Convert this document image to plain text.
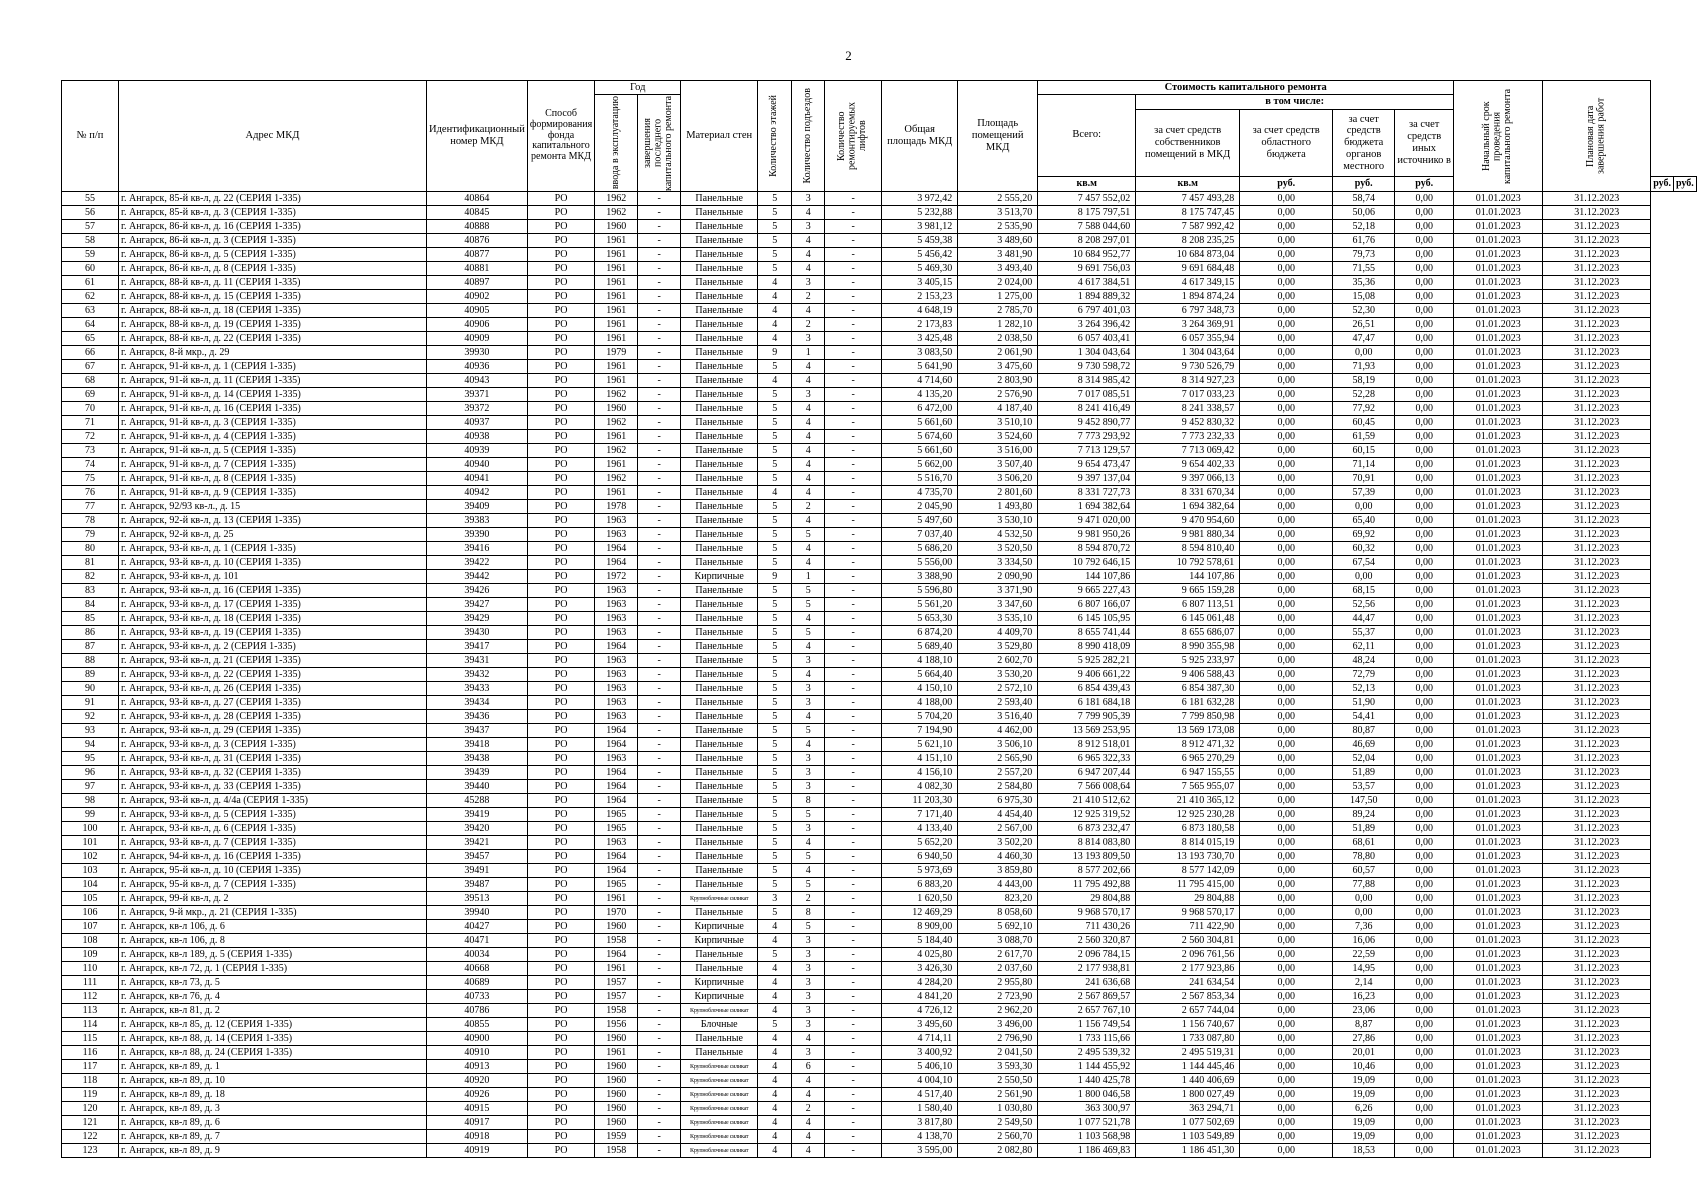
2
№ п/п	Адрес МКД	Идентификационный номер МКД	Способ формирования фонда капитального ремонта МКД	Год		Материал стен	Количество этажей	Количество подъездов	Количество ремонтируемых лифтов	Общая площадь МКД	Площадь помещений МКД	Стоимость капитального ремонта					Начальный срок проведения капитального ремонта	Плановая дата завершения работ		

				ввода в эксплуатацию	завершения последнего капитального ремонта							Всего:	в том числе:							
													за счет средств собственников помещений в МКД	за счет средств областного бюджета	за счет средств бюджета органов местного	за счет средств иных источнико в				
												кв.м	кв.м	руб.	руб.	руб.			руб.	руб.
55	г. Ангарск, 85-й кв-л, д. 22 (СЕРИЯ 1-335)	40864	РО	1962	-	Панельные	5	3	-	3 972,42	2 555,20	7 457 552,02	7 457 493,28	0,00	58,74	0,00	01.01.2023	31.12.2023		
56	г. Ангарск, 85-й кв-л, д. 3 (СЕРИЯ 1-335)	40845	РО	1962	-	Панельные	5	4	-	5 232,88	3 513,70	8 175 797,51	8 175 747,45	0,00	50,06	0,00	01.01.2023	31.12.2023		
57	г. Ангарск, 86-й кв-л, д. 16 (СЕРИЯ 1-335)	40888	РО	1960	-	Панельные	5	3	-	3 981,12	2 535,90	7 588 044,60	7 587 992,42	0,00	52,18	0,00	01.01.2023	31.12.2023		
58	г. Ангарск, 86-й кв-л, д. 3 (СЕРИЯ 1-335)	40876	РО	1961	-	Панельные	5	4	-	5 459,38	3 489,60	8 208 297,01	8 208 235,25	0,00	61,76	0,00	01.01.2023	31.12.2023		
59	г. Ангарск, 86-й кв-л, д. 5 (СЕРИЯ 1-335)	40877	РО	1961	-	Панельные	5	4	-	5 456,42	3 481,90	10 684 952,77	10 684 873,04	0,00	79,73	0,00	01.01.2023	31.12.2023		
60	г. Ангарск, 86-й кв-л, д. 8 (СЕРИЯ 1-335)	40881	РО	1961	-	Панельные	5	4	-	5 469,30	3 493,40	9 691 756,03	9 691 684,48	0,00	71,55	0,00	01.01.2023	31.12.2023		
61	г. Ангарск, 88-й кв-л, д. 11 (СЕРИЯ 1-335)	40897	РО	1961	-	Панельные	4	3	-	3 405,15	2 024,00	4 617 384,51	4 617 349,15	0,00	35,36	0,00	01.01.2023	31.12.2023		
62	г. Ангарск, 88-й кв-л, д. 15 (СЕРИЯ 1-335)	40902	РО	1961	-	Панельные	4	2	-	2 153,23	1 275,00	1 894 889,32	1 894 874,24	0,00	15,08	0,00	01.01.2023	31.12.2023		
63	г. Ангарск, 88-й кв-л, д. 18 (СЕРИЯ 1-335)	40905	РО	1961	-	Панельные	4	4	-	4 648,19	2 785,70	6 797 401,03	6 797 348,73	0,00	52,30	0,00	01.01.2023	31.12.2023		
64	г. Ангарск, 88-й кв-л, д. 19 (СЕРИЯ 1-335)	40906	РО	1961	-	Панельные	4	2	-	2 173,83	1 282,10	3 264 396,42	3 264 369,91	0,00	26,51	0,00	01.01.2023	31.12.2023		
65	г. Ангарск, 88-й кв-л, д. 22 (СЕРИЯ 1-335)	40909	РО	1961	-	Панельные	4	3	-	3 425,48	2 038,50	6 057 403,41	6 057 355,94	0,00	47,47	0,00	01.01.2023	31.12.2023		
66	г. Ангарск, 8-й мкр., д. 29	39930	РО	1979	-	Панельные	9	1	-	3 083,50	2 061,90	1 304 043,64	1 304 043,64	0,00	0,00	0,00	01.01.2023	31.12.2023		
67	г. Ангарск, 91-й кв-л, д. 1 (СЕРИЯ 1-335)	40936	РО	1961	-	Панельные	5	4	-	5 641,90	3 475,60	9 730 598,72	9 730 526,79	0,00	71,93	0,00	01.01.2023	31.12.2023		
68	г. Ангарск, 91-й кв-л, д. 11 (СЕРИЯ 1-335)	40943	РО	1961	-	Панельные	4	4	-	4 714,60	2 803,90	8 314 985,42	8 314 927,23	0,00	58,19	0,00	01.01.2023	31.12.2023		
69	г. Ангарск, 91-й кв-л, д. 14 (СЕРИЯ 1-335)	39371	РО	1962	-	Панельные	5	3	-	4 135,20	2 576,90	7 017 085,51	7 017 033,23	0,00	52,28	0,00	01.01.2023	31.12.2023		
70	г. Ангарск, 91-й кв-л, д. 16 (СЕРИЯ 1-335)	39372	РО	1960	-	Панельные	5	4	-	6 472,00	4 187,40	8 241 416,49	8 241 338,57	0,00	77,92	0,00	01.01.2023	31.12.2023		
71	г. Ангарск, 91-й кв-л, д. 3 (СЕРИЯ 1-335)	40937	РО	1962	-	Панельные	5	4	-	5 661,60	3 510,10	9 452 890,77	9 452 830,32	0,00	60,45	0,00	01.01.2023	31.12.2023		
72	г. Ангарск, 91-й кв-л, д. 4 (СЕРИЯ 1-335)	40938	РО	1961	-	Панельные	5	4	-	5 674,60	3 524,60	7 773 293,92	7 773 232,33	0,00	61,59	0,00	01.01.2023	31.12.2023		
73	г. Ангарск, 91-й кв-л, д. 5 (СЕРИЯ 1-335)	40939	РО	1962	-	Панельные	5	4	-	5 661,60	3 516,00	7 713 129,57	7 713 069,42	0,00	60,15	0,00	01.01.2023	31.12.2023		
74	г. Ангарск, 91-й кв-л, д. 7 (СЕРИЯ 1-335)	40940	РО	1961	-	Панельные	5	4	-	5 662,00	3 507,40	9 654 473,47	9 654 402,33	0,00	71,14	0,00	01.01.2023	31.12.2023		
75	г. Ангарск, 91-й кв-л, д. 8 (СЕРИЯ 1-335)	40941	РО	1962	-	Панельные	5	4	-	5 516,70	3 506,20	9 397 137,04	9 397 066,13	0,00	70,91	0,00	01.01.2023	31.12.2023		
76	г. Ангарск, 91-й кв-л, д. 9 (СЕРИЯ 1-335)	40942	РО	1961	-	Панельные	4	4	-	4 735,70	2 801,60	8 331 727,73	8 331 670,34	0,00	57,39	0,00	01.01.2023	31.12.2023		
77	г. Ангарск, 92/93 кв-л., д. 15	39409	РО	1978	-	Панельные	5	2	-	2 045,90	1 493,80	1 694 382,64	1 694 382,64	0,00	0,00	0,00	01.01.2023	31.12.2023		
78	г. Ангарск, 92-й кв-л, д. 13 (СЕРИЯ 1-335)	39383	РО	1963	-	Панельные	5	4	-	5 497,60	3 530,10	9 471 020,00	9 470 954,60	0,00	65,40	0,00	01.01.2023	31.12.2023		
79	г. Ангарск, 92-й кв-л, д. 25	39390	РО	1963	-	Панельные	5	5	-	7 037,40	4 532,50	9 981 950,26	9 981 880,34	0,00	69,92	0,00	01.01.2023	31.12.2023		
80	г. Ангарск, 93-й кв-л, д. 1 (СЕРИЯ 1-335)	39416	РО	1964	-	Панельные	5	4	-	5 686,20	3 520,50	8 594 870,72	8 594 810,40	0,00	60,32	0,00	01.01.2023	31.12.2023		
81	г. Ангарск, 93-й кв-л, д. 10 (СЕРИЯ 1-335)	39422	РО	1964	-	Панельные	5	4	-	5 556,00	3 334,50	10 792 646,15	10 792 578,61	0,00	67,54	0,00	01.01.2023	31.12.2023		
82	г. Ангарск, 93-й кв-л, д. 101	39442	РО	1972	-	Кирпичные	9	1	-	3 388,90	2 090,90	144 107,86	144 107,86	0,00	0,00	0,00	01.01.2023	31.12.2023		
83	г. Ангарск, 93-й кв-л, д. 16 (СЕРИЯ 1-335)	39426	РО	1963	-	Панельные	5	5	-	5 596,80	3 371,90	9 665 227,43	9 665 159,28	0,00	68,15	0,00	01.01.2023	31.12.2023		
84	г. Ангарск, 93-й кв-л, д. 17 (СЕРИЯ 1-335)	39427	РО	1963	-	Панельные	5	5	-	5 561,20	3 347,60	6 807 166,07	6 807 113,51	0,00	52,56	0,00	01.01.2023	31.12.2023		
85	г. Ангарск, 93-й кв-л, д. 18 (СЕРИЯ 1-335)	39429	РО	1963	-	Панельные	5	4	-	5 653,30	3 535,10	6 145 105,95	6 145 061,48	0,00	44,47	0,00	01.01.2023	31.12.2023		
86	г. Ангарск, 93-й кв-л, д. 19 (СЕРИЯ 1-335)	39430	РО	1963	-	Панельные	5	5	-	6 874,20	4 409,70	8 655 741,44	8 655 686,07	0,00	55,37	0,00	01.01.2023	31.12.2023		
87	г. Ангарск, 93-й кв-л, д. 2 (СЕРИЯ 1-335)	39417	РО	1964	-	Панельные	5	4	-	5 689,40	3 529,80	8 990 418,09	8 990 355,98	0,00	62,11	0,00	01.01.2023	31.12.2023		
88	г. Ангарск, 93-й кв-л, д. 21 (СЕРИЯ 1-335)	39431	РО	1963	-	Панельные	5	3	-	4 188,10	2 602,70	5 925 282,21	5 925 233,97	0,00	48,24	0,00	01.01.2023	31.12.2023		
89	г. Ангарск, 93-й кв-л, д. 22 (СЕРИЯ 1-335)	39432	РО	1963	-	Панельные	5	4	-	5 664,40	3 530,20	9 406 661,22	9 406 588,43	0,00	72,79	0,00	01.01.2023	31.12.2023		
90	г. Ангарск, 93-й кв-л, д. 26 (СЕРИЯ 1-335)	39433	РО	1963	-	Панельные	5	3	-	4 150,10	2 572,10	6 854 439,43	6 854 387,30	0,00	52,13	0,00	01.01.2023	31.12.2023		
91	г. Ангарск, 93-й кв-л, д. 27 (СЕРИЯ 1-335)	39434	РО	1963	-	Панельные	5	3	-	4 188,00	2 593,40	6 181 684,18	6 181 632,28	0,00	51,90	0,00	01.01.2023	31.12.2023		
92	г. Ангарск, 93-й кв-л, д. 28 (СЕРИЯ 1-335)	39436	РО	1963	-	Панельные	5	4	-	5 704,20	3 516,40	7 799 905,39	7 799 850,98	0,00	54,41	0,00	01.01.2023	31.12.2023		
93	г. Ангарск, 93-й кв-л, д. 29 (СЕРИЯ 1-335)	39437	РО	1964	-	Панельные	5	5	-	7 194,90	4 462,00	13 569 253,95	13 569 173,08	0,00	80,87	0,00	01.01.2023	31.12.2023		
94	г. Ангарск, 93-й кв-л, д. 3 (СЕРИЯ 1-335)	39418	РО	1964	-	Панельные	5	4	-	5 621,10	3 506,10	8 912 518,01	8 912 471,32	0,00	46,69	0,00	01.01.2023	31.12.2023		
95	г. Ангарск, 93-й кв-л, д. 31 (СЕРИЯ 1-335)	39438	РО	1963	-	Панельные	5	3	-	4 151,10	2 565,90	6 965 322,33	6 965 270,29	0,00	52,04	0,00	01.01.2023	31.12.2023		
96	г. Ангарск, 93-й кв-л, д. 32 (СЕРИЯ 1-335)	39439	РО	1964	-	Панельные	5	3	-	4 156,10	2 557,20	6 947 207,44	6 947 155,55	0,00	51,89	0,00	01.01.2023	31.12.2023		
97	г. Ангарск, 93-й кв-л, д. 33 (СЕРИЯ 1-335)	39440	РО	1964	-	Панельные	5	3	-	4 082,30	2 584,80	7 566 008,64	7 565 955,07	0,00	53,57	0,00	01.01.2023	31.12.2023		
98	г. Ангарск, 93-й кв-л, д. 4/4а (СЕРИЯ 1-335)	45288	РО	1964	-	Панельные	5	8	-	11 203,30	6 975,30	21 410 512,62	21 410 365,12	0,00	147,50	0,00	01.01.2023	31.12.2023		
99	г. Ангарск, 93-й кв-л, д. 5 (СЕРИЯ 1-335)	39419	РО	1965	-	Панельные	5	5	-	7 171,40	4 454,40	12 925 319,52	12 925 230,28	0,00	89,24	0,00	01.01.2023	31.12.2023		
100	г. Ангарск, 93-й кв-л, д. 6 (СЕРИЯ 1-335)	39420	РО	1965	-	Панельные	5	3	-	4 133,40	2 567,00	6 873 232,47	6 873 180,58	0,00	51,89	0,00	01.01.2023	31.12.2023		
101	г. Ангарск, 93-й кв-л, д. 7 (СЕРИЯ 1-335)	39421	РО	1963	-	Панельные	5	4	-	5 652,20	3 502,20	8 814 083,80	8 814 015,19	0,00	68,61	0,00	01.01.2023	31.12.2023		
102	г. Ангарск, 94-й кв-л, д. 16 (СЕРИЯ 1-335)	39457	РО	1964	-	Панельные	5	5	-	6 940,50	4 460,30	13 193 809,50	13 193 730,70	0,00	78,80	0,00	01.01.2023	31.12.2023		
103	г. Ангарск, 95-й кв-л, д. 10 (СЕРИЯ 1-335)	39491	РО	1964	-	Панельные	5	4	-	5 973,69	3 859,80	8 577 202,66	8 577 142,09	0,00	60,57	0,00	01.01.2023	31.12.2023		
104	г. Ангарск, 95-й кв-л, д. 7 (СЕРИЯ 1-335)	39487	РО	1965	-	Панельные	5	5	-	6 883,20	4 443,00	11 795 492,88	11 795 415,00	0,00	77,88	0,00	01.01.2023	31.12.2023		
105	г. Ангарск, 99-й кв-л, д. 2	39513	РО	1961	-	Крупноблочные силикат	3	2	-	1 620,50	823,20	29 804,88	29 804,88	0,00	0,00	0,00	01.01.2023	31.12.2023		
106	г. Ангарск, 9-й мкр., д. 21 (СЕРИЯ 1-335)	39940	РО	1970	-	Панельные	5	8	-	12 469,29	8 058,60	9 968 570,17	9 968 570,17	0,00	0,00	0,00	01.01.2023	31.12.2023		
107	г. Ангарск, кв-л 106, д. 6	40427	РО	1960	-	Кирпичные	4	5	-	8 909,00	5 692,10	711 430,26	711 422,90	0,00	7,36	0,00	01.01.2023	31.12.2023		
108	г. Ангарск, кв-л 106, д. 8	40471	РО	1958	-	Кирпичные	4	3	-	5 184,40	3 088,70	2 560 320,87	2 560 304,81	0,00	16,06	0,00	01.01.2023	31.12.2023		
109	г. Ангарск, кв-л 189, д. 5 (СЕРИЯ 1-335)	40034	РО	1964	-	Панельные	5	3	-	4 025,80	2 617,70	2 096 784,15	2 096 761,56	0,00	22,59	0,00	01.01.2023	31.12.2023		
110	г. Ангарск, кв-л 72, д. 1 (СЕРИЯ 1-335)	40668	РО	1961	-	Панельные	4	3	-	3 426,30	2 037,60	2 177 938,81	2 177 923,86	0,00	14,95	0,00	01.01.2023	31.12.2023		
111	г. Ангарск, кв-л 73, д. 5	40689	РО	1957	-	Кирпичные	4	3	-	4 284,20	2 955,80	241 636,68	241 634,54	0,00	2,14	0,00	01.01.2023	31.12.2023		
112	г. Ангарск, кв-л 76, д. 4	40733	РО	1957	-	Кирпичные	4	3	-	4 841,20	2 723,90	2 567 869,57	2 567 853,34	0,00	16,23	0,00	01.01.2023	31.12.2023		
113	г. Ангарск, кв-л 81, д. 2	40786	РО	1958	-	Крупноблочные силикат	4	3	-	4 726,12	2 962,20	2 657 767,10	2 657 744,04	0,00	23,06	0,00	01.01.2023	31.12.2023		
114	г. Ангарск, кв-л 85, д. 12 (СЕРИЯ 1-335)	40855	РО	1956	-	Блочные	5	3	-	3 495,60	3 496,00	1 156 749,54	1 156 740,67	0,00	8,87	0,00	01.01.2023	31.12.2023		
115	г. Ангарск, кв-л 88, д. 14 (СЕРИЯ 1-335)	40900	РО	1960	-	Панельные	4	4	-	4 714,11	2 796,90	1 733 115,66	1 733 087,80	0,00	27,86	0,00	01.01.2023	31.12.2023		
116	г. Ангарск, кв-л 88, д. 24 (СЕРИЯ 1-335)	40910	РО	1961	-	Панельные	4	3	-	3 400,92	2 041,50	2 495 539,32	2 495 519,31	0,00	20,01	0,00	01.01.2023	31.12.2023		
117	г. Ангарск, кв-л 89, д. 1	40913	РО	1960	-	Крупноблочные силикат	4	6	-	5 406,10	3 593,30	1 144 455,92	1 144 445,46	0,00	10,46	0,00	01.01.2023	31.12.2023		
118	г. Ангарск, кв-л 89, д. 10	40920	РО	1960	-	Крупноблочные силикат	4	4	-	4 004,10	2 550,50	1 440 425,78	1 440 406,69	0,00	19,09	0,00	01.01.2023	31.12.2023		
119	г. Ангарск, кв-л 89, д. 18	40926	РО	1960	-	Крупноблочные силикат	4	4	-	4 517,40	2 561,90	1 800 046,58	1 800 027,49	0,00	19,09	0,00	01.01.2023	31.12.2023		
120	г. Ангарск, кв-л 89, д. 3	40915	РО	1960	-	Крупноблочные силикат	4	2	-	1 580,40	1 030,80	363 300,97	363 294,71	0,00	6,26	0,00	01.01.2023	31.12.2023		
121	г. Ангарск, кв-л 89, д. 6	40917	РО	1960	-	Крупноблочные силикат	4	4	-	3 817,80	2 549,50	1 077 521,78	1 077 502,69	0,00	19,09	0,00	01.01.2023	31.12.2023		
122	г. Ангарск, кв-л 89, д. 7	40918	РО	1959	-	Крупноблочные силикат	4	4	-	4 138,70	2 560,70	1 103 568,98	1 103 549,89	0,00	19,09	0,00	01.01.2023	31.12.2023		
123	г. Ангарск, кв-л 89, д. 9	40919	РО	1958	-	Крупноблочные силикат	4	4	-	3 595,00	2 082,80	1 186 469,83	1 186 451,30	0,00	18,53	0,00	01.01.2023	31.12.2023		
